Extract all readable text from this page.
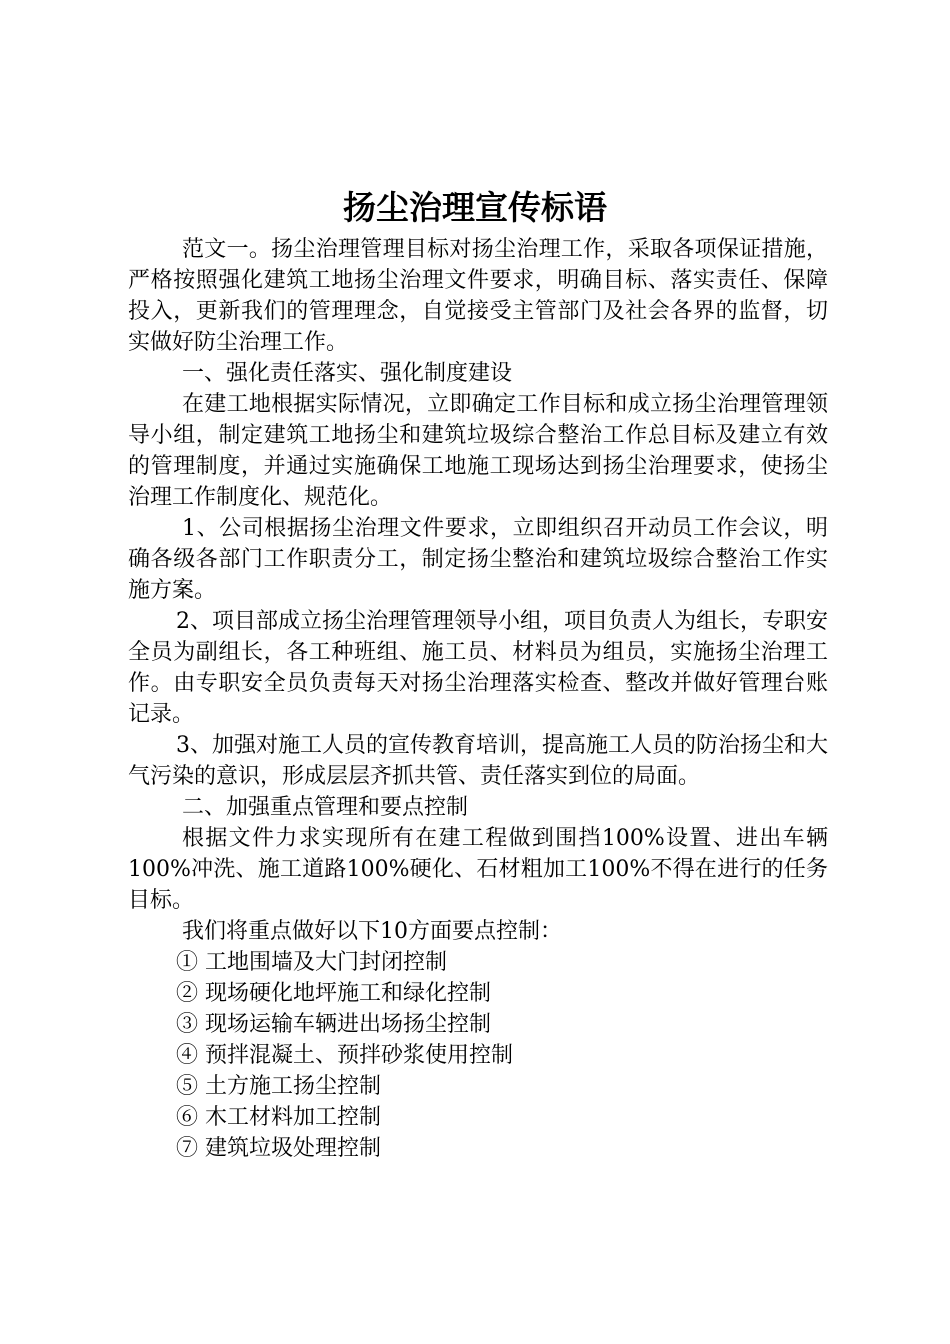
扬尘治理宣传标语

范文一。扬尘治理管理目标对扬尘治理工作，采取各项保证措施，严格按照强化建筑工地扬尘治理文件要求，明确目标、落实责任、保障投入，更新我们的管理理念，自觉接受主管部门及社会各界的监督，切实做好防尘治理工作。

一、强化责任落实、强化制度建设

在建工地根据实际情况，立即确定工作目标和成立扬尘治理管理领导小组，制定建筑工地扬尘和建筑垃圾综合整治工作总目标及建立有效的管理制度，并通过实施确保工地施工现场达到扬尘治理要求，使扬尘治理工作制度化、规范化。

1、公司根据扬尘治理文件要求，立即组织召开动员工作会议，明确各级各部门工作职责分工，制定扬尘整治和建筑垃圾综合整治工作实施方案。

2、项目部成立扬尘治理管理领导小组，项目负责人为组长，专职安全员为副组长，各工种班组、施工员、材料员为组员，实施扬尘治理工作。由专职安全员负责每天对扬尘治理落实检查、整改并做好管理台账记录。

3、加强对施工人员的宣传教育培训，提高施工人员的防治扬尘和大气污染的意识，形成层层齐抓共管、责任落实到位的局面。

二、加强重点管理和要点控制

根据文件力求实现所有在建工程做到围挡100%设置、进出车辆100%冲洗、施工道路100%硬化、石材粗加工100%不得在进行的任务目标。

我们将重点做好以下10方面要点控制：

① 工地围墙及大门封闭控制

② 现场硬化地坪施工和绿化控制

③ 现场运输车辆进出场扬尘控制

④ 预拌混凝土、预拌砂浆使用控制

⑤ 土方施工扬尘控制

⑥ 木工材料加工控制

⑦ 建筑垃圾处理控制
